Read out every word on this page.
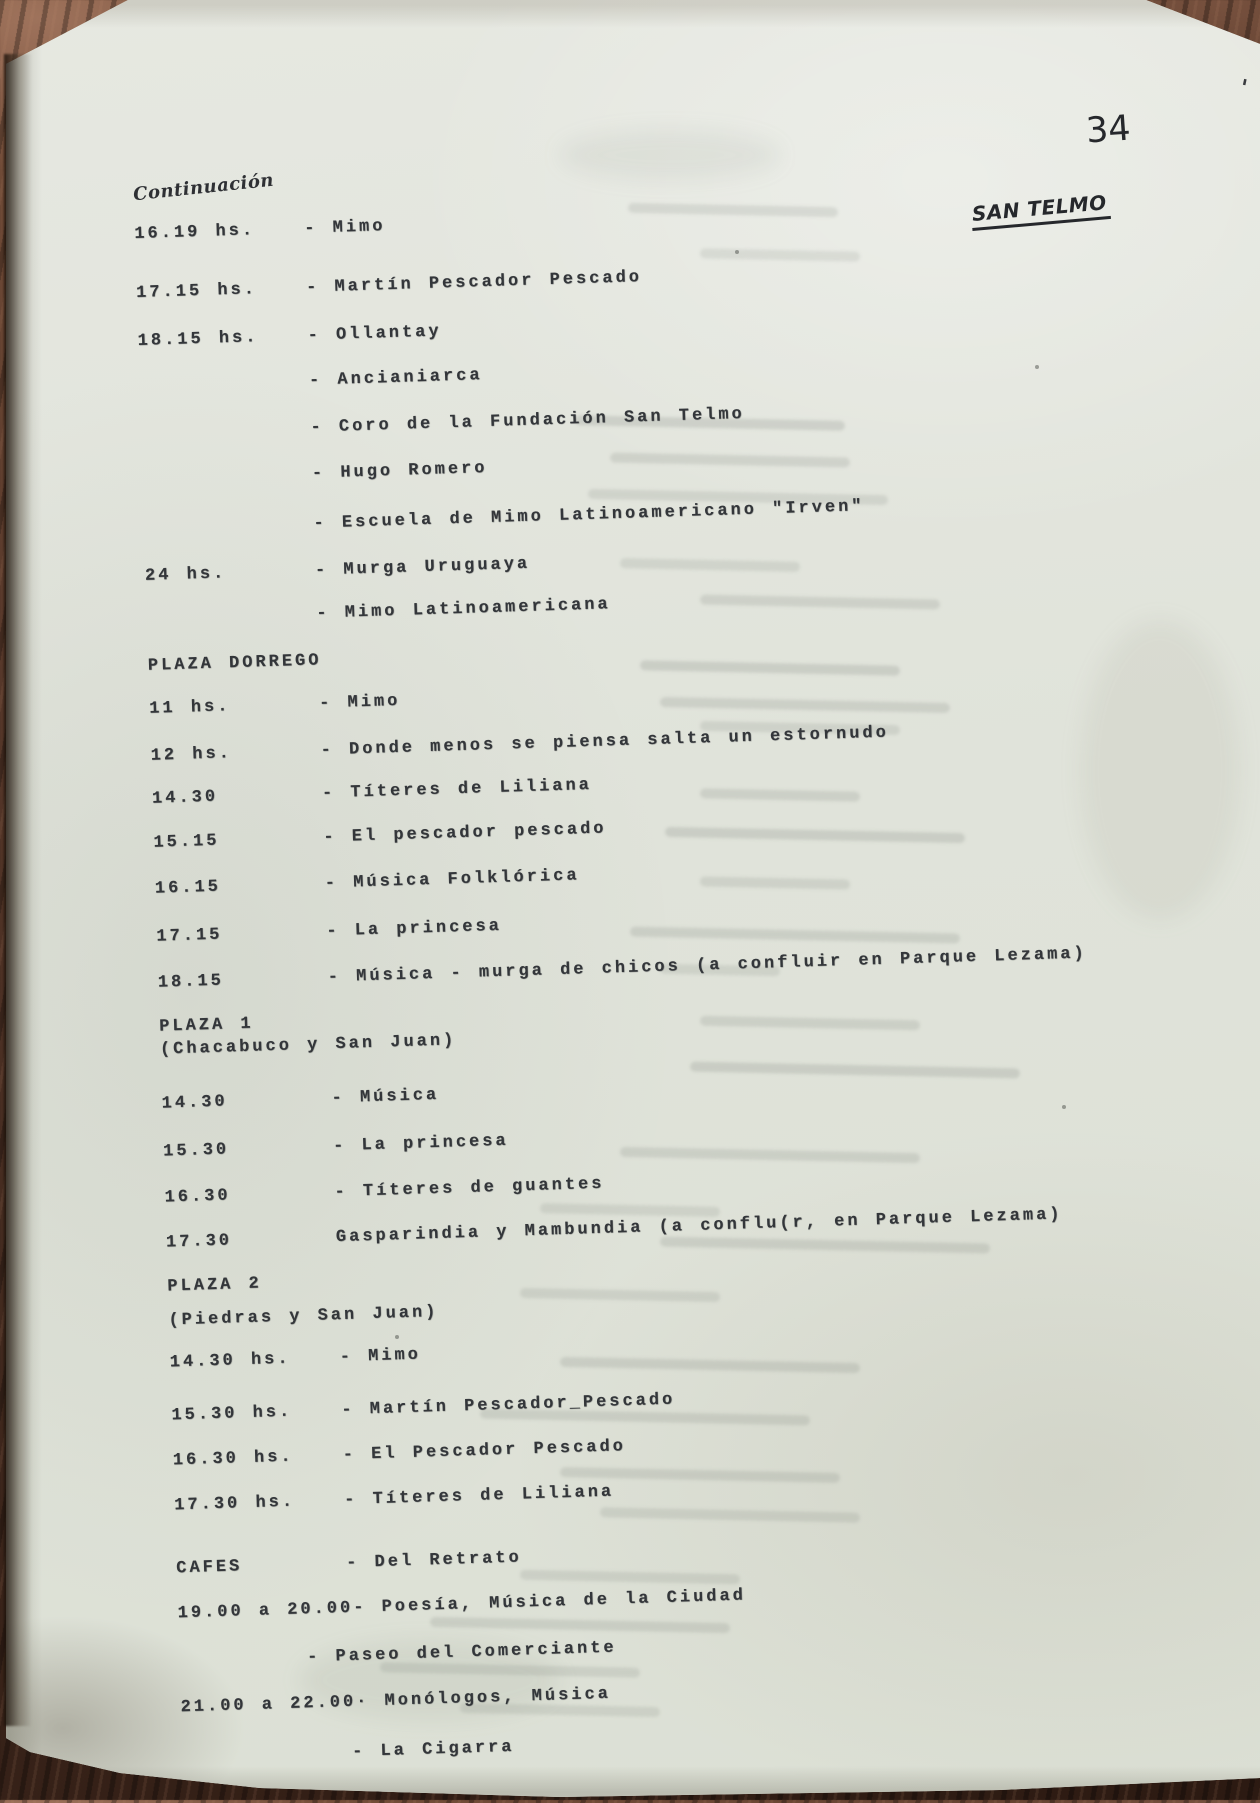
Continuación
34
SAN TELMO
'
16.19 hs.	- Mimo
17.15 hs.	- Martín Pescador Pescado
18.15 hs.	- Ollantay
- Ancianiarca
- Coro de la Fundación San Telmo
- Hugo Romero
- Escuela de Mimo Latinoamericano "Irven"
24 hs.	- Murga Uruguaya
- Mimo Latinoamericana
PLAZA DORREGO
11 hs.	- Mimo
12 hs.	- Donde menos se piensa salta un estornudo
14.30	- Títeres de Liliana
15.15	- El pescador pescado
16.15	- Música Folklórica
17.15	- La princesa
18.15	- Música - murga de chicos (a confluir en Parque Lezama)
PLAZA 1
(Chacabuco y San Juan)
14.30	- Música
15.30	- La princesa
16.30	- Títeres de guantes
17.30	Gasparindia y Mambundia (a conflu(r, en Parque Lezama)
PLAZA 2
(Piedras y San Juan)
14.30 hs.	- Mimo
15.30 hs.	- Martín Pescador_Pescado
16.30 hs.	- El Pescador Pescado
17.30 hs.	- Títeres de Liliana
CAFES	- Del Retrato
19.00 a 20.00 - Poesía, Música de la Ciudad
- Paseo del Comerciante
21.00 a 22.00 · Monólogos, Música
- La Cigarra
